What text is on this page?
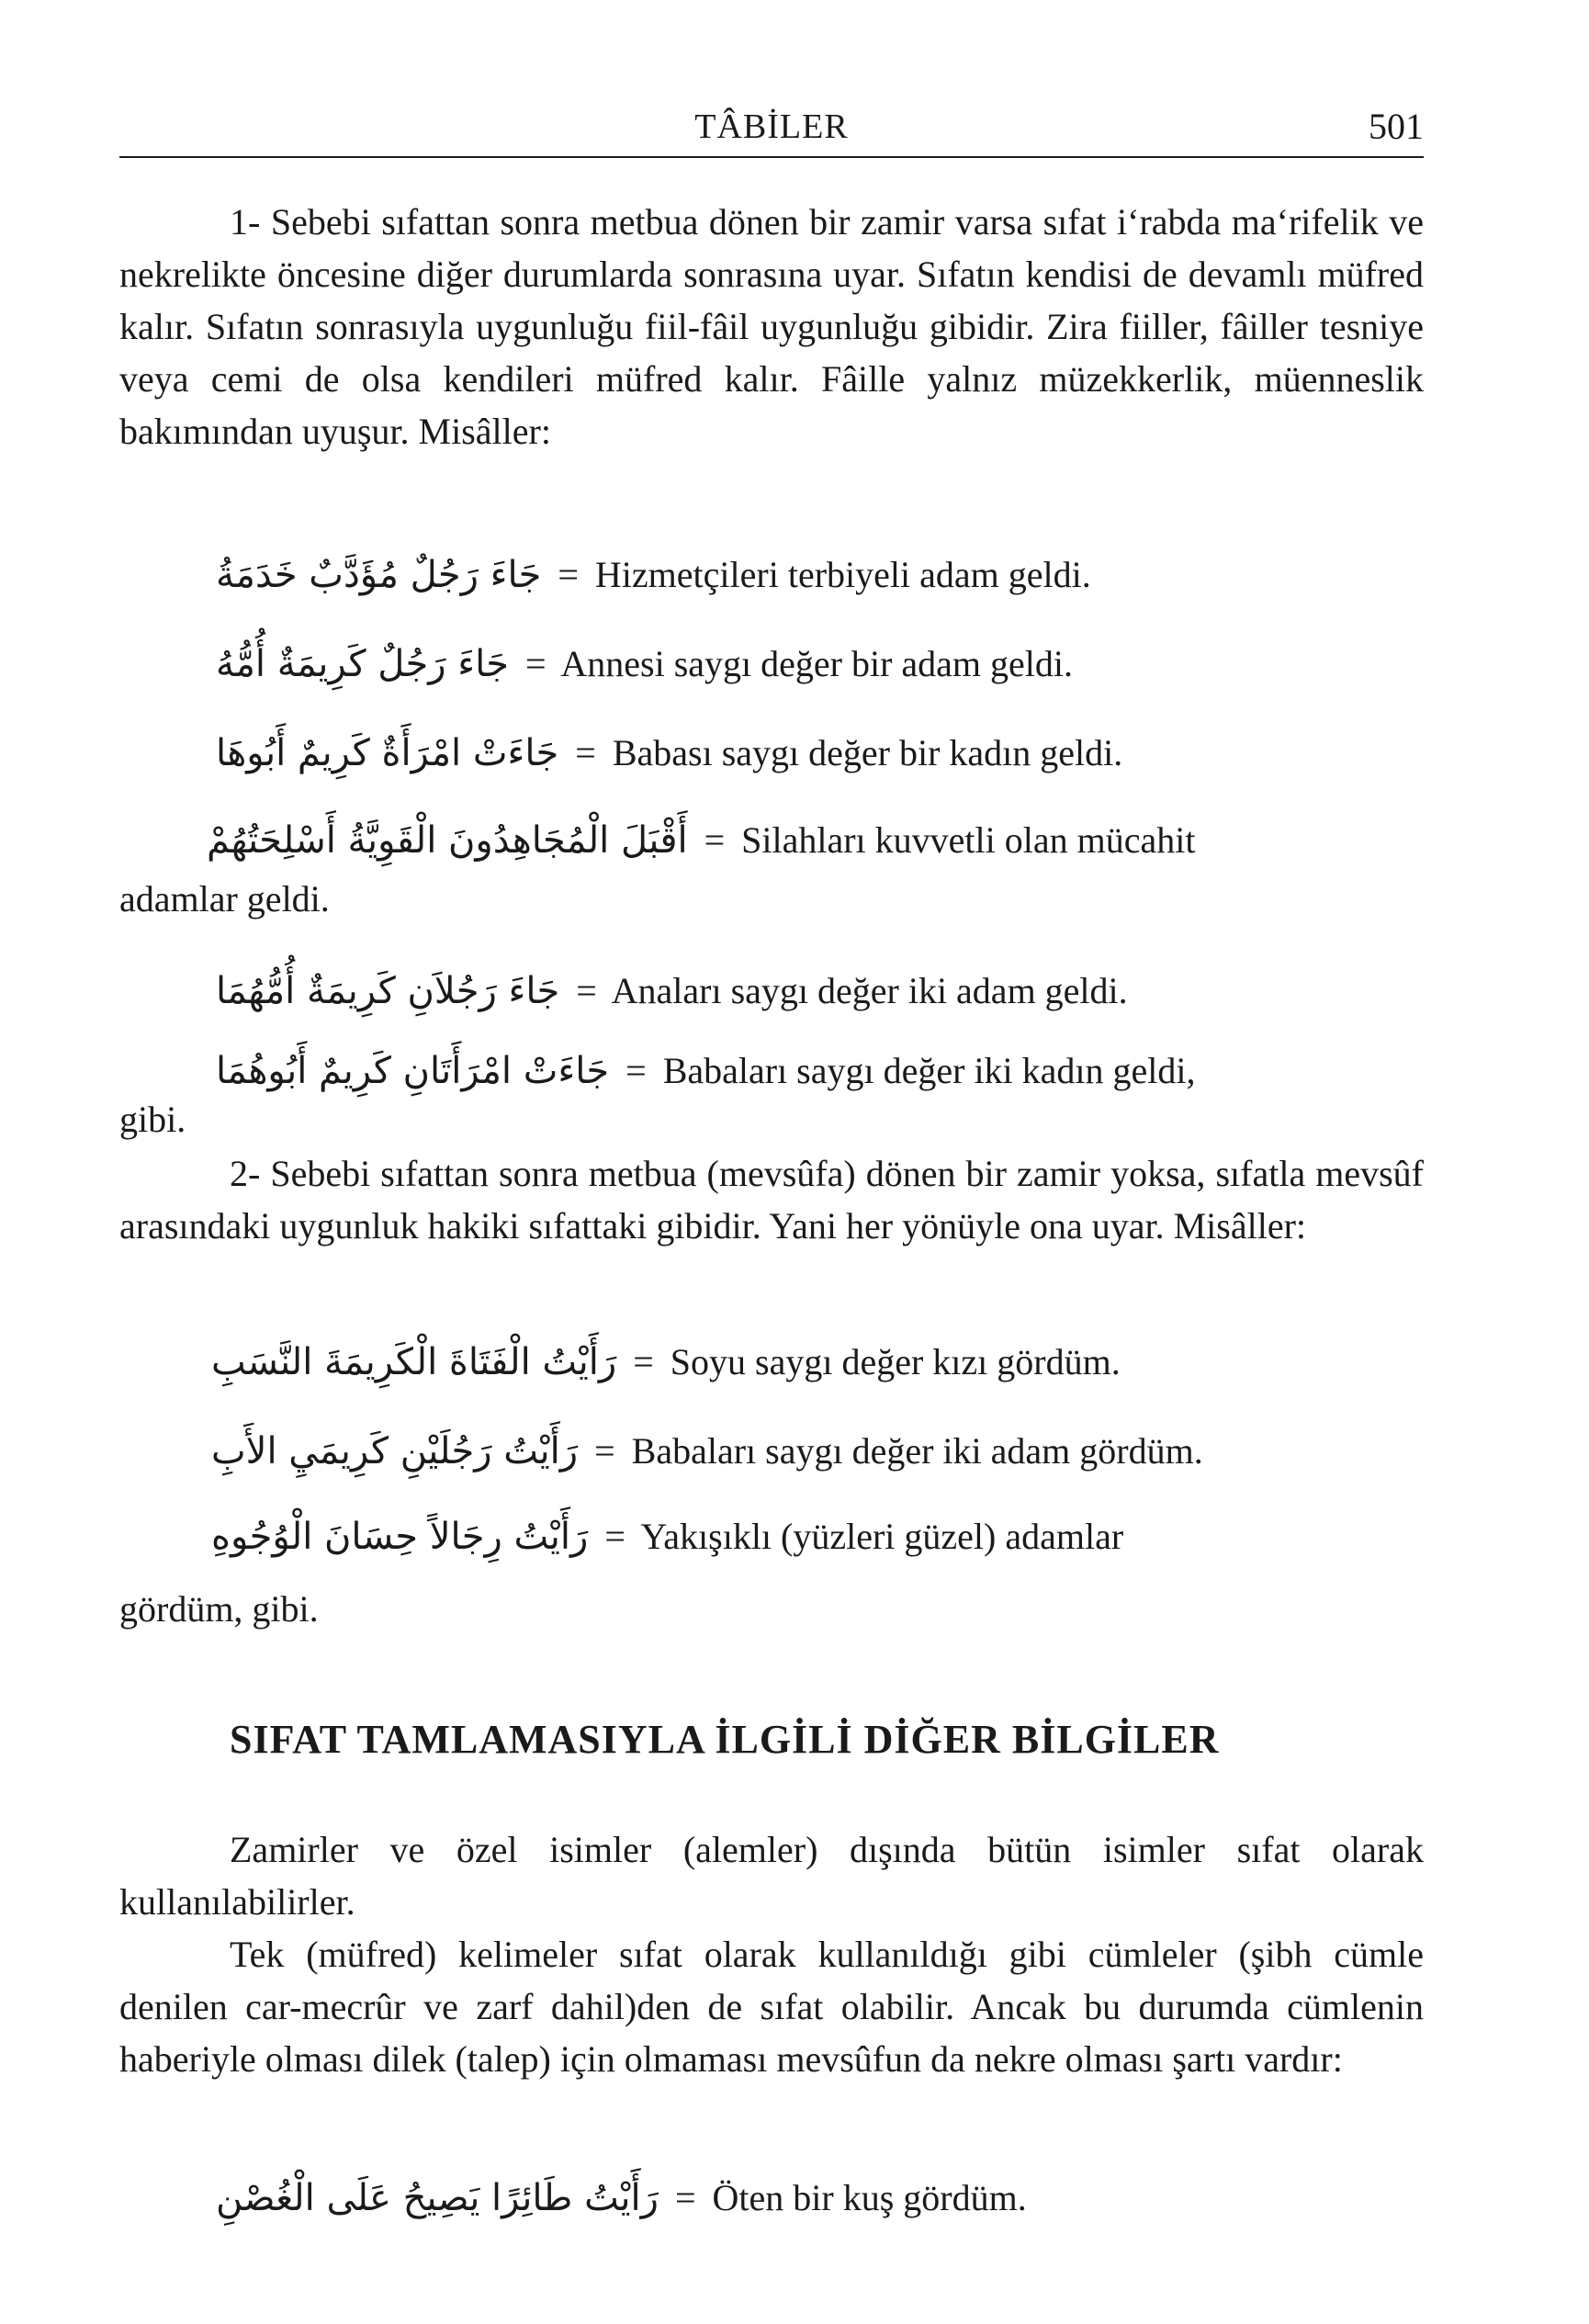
TÂBİLER	501

1- Sebebi sıfattan sonra metbua dönen bir zamir varsa sıfat i‘rabda ma‘rifelik ve nekrelikte öncesine diğer durumlarda sonrasına uyar. Sıfatın kendisi de devamlı müfred kalır. Sıfatın sonrasıyla uygunluğu fiil-fâil uygunluğu gibidir. Zira fiiller, fâiller tesniye veya cemi de olsa kendileri müfred kalır. Fâille yalnız müzekkerlik, müenneslik bakımından uyuşur. Misâller:

جَاءَ رَجُلٌ مُؤَدَّبٌ خَدَمَةُ = Hizmetçileri terbiyeli adam geldi.
جَاءَ رَجُلٌ كَرِيمَةٌ أُمُّهُ = Annesi saygı değer bir adam geldi.
جَاءَتْ امْرَأَةٌ كَرِيمٌ أَبُوهَا = Babası saygı değer bir kadın geldi.
أَقْبَلَ الْمُجَاهِدُونَ الْقَوِيَّةُ أَسْلِحَتُهُمْ = Silahları kuvvetli olan mücahit
adamlar geldi.
جَاءَ رَجُلاَنِ كَرِيمَةٌ أُمُّهُمَا = Anaları saygı değer iki adam geldi.
جَاءَتْ امْرَأَتَانِ كَرِيمٌ أَبُوهُمَا = Babaları saygı değer iki kadın geldi,
gibi.

2- Sebebi sıfattan sonra metbua (mevsûfa) dönen bir zamir yoksa, sıfatla mevsûf arasındaki uygunluk hakiki sıfattaki gibidir. Yani her yönüyle ona uyar. Misâller:

رَأَيْتُ الْفَتَاةَ الْكَرِيمَةَ النَّسَبِ = Soyu saygı değer kızı gördüm.
رَأَيْتُ رَجُلَيْنِ كَرِيمَيِ الأَبِ = Babaları saygı değer iki adam gördüm.
رَأَيْتُ رِجَالاً حِسَانَ الْوُجُوهِ = Yakışıklı (yüzleri güzel) adamlar
gördüm, gibi.
SIFAT TAMLAMASIYLA İLGİLİ DİĞER BİLGİLER

Zamirler ve özel isimler (alemler) dışında bütün isimler sıfat olarak kullanılabilirler.

Tek (müfred) kelimeler sıfat olarak kullanıldığı gibi cümleler (şibh cümle denilen car-mecrûr ve zarf dahil)den de sıfat olabilir. Ancak bu durumda cümlenin haberiyle olması dilek (talep) için olmaması mevsûfun da nekre olması şartı vardır:

رَأَيْتُ طَائِرًا يَصِيحُ عَلَى الْغُصْنِ = Öten bir kuş gördüm.
